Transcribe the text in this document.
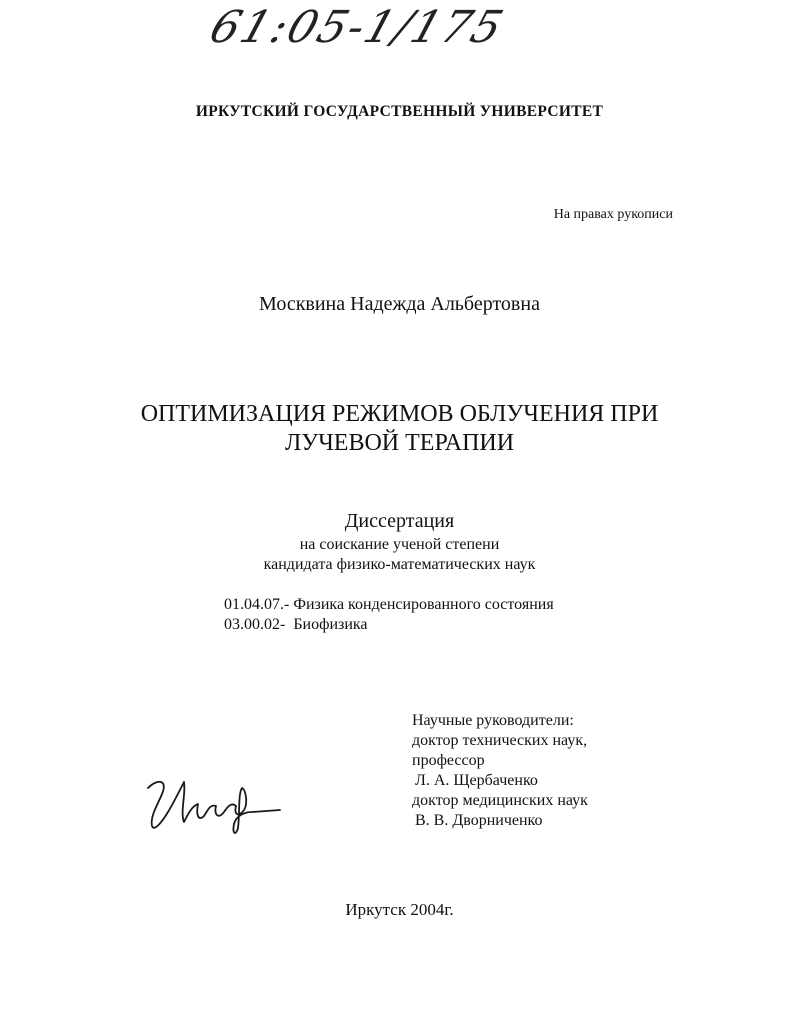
61:05-1/175
ИРКУТСКИЙ ГОСУДАРСТВЕННЫЙ УНИВЕРСИТЕТ
На правах рукописи
Москвина Надежда Альбертовна
ОПТИМИЗАЦИЯ РЕЖИМОВ ОБЛУЧЕНИЯ ПРИ
ЛУЧЕВОЙ ТЕРАПИИ
Диссертация
на соискание ученой степени
кандидата физико-математических наук
01.04.07.- Физика конденсированного состояния
03.00.02- Биофизика
Научные руководители:
доктор технических наук,
профессор
Л. А. Щербаченко
доктор медицинских наук
В. В. Дворниченко
Иркутск 2004г.
